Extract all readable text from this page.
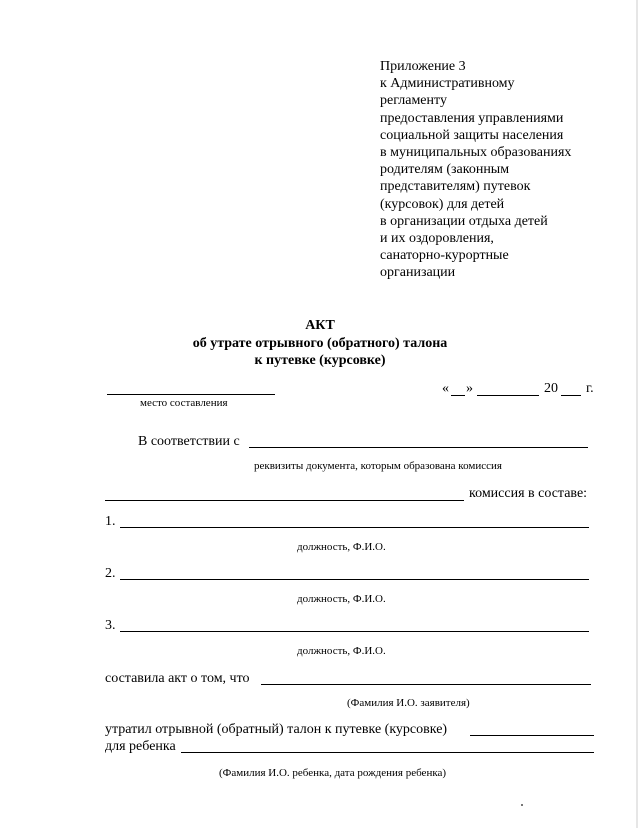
Приложение 3
к Административному
регламенту
предоставления управлениями
социальной защиты населения
в муниципальных образованиях
родителям (законным
представителям) путевок
(курсовок) для детей
в организации отдыха детей
и их оздоровления,
санаторно-курортные
организации
АКТ
об утрате отрывного (обратного) талона
к путевке (курсовке)
место составления
« »	20 г.
В соответствии с
реквизиты документа, которым образована комиссия
комиссия в составе:
1.
должность, Ф.И.О.
2.
должность, Ф.И.О.
3.
должность, Ф.И.О.
составила акт о том, что
(Фамилия И.О. заявителя)
утратил отрывной (обратный) талон к путевке (курсовке)
для ребенка
(Фамилия И.О. ребенка, дата рождения ребенка)
